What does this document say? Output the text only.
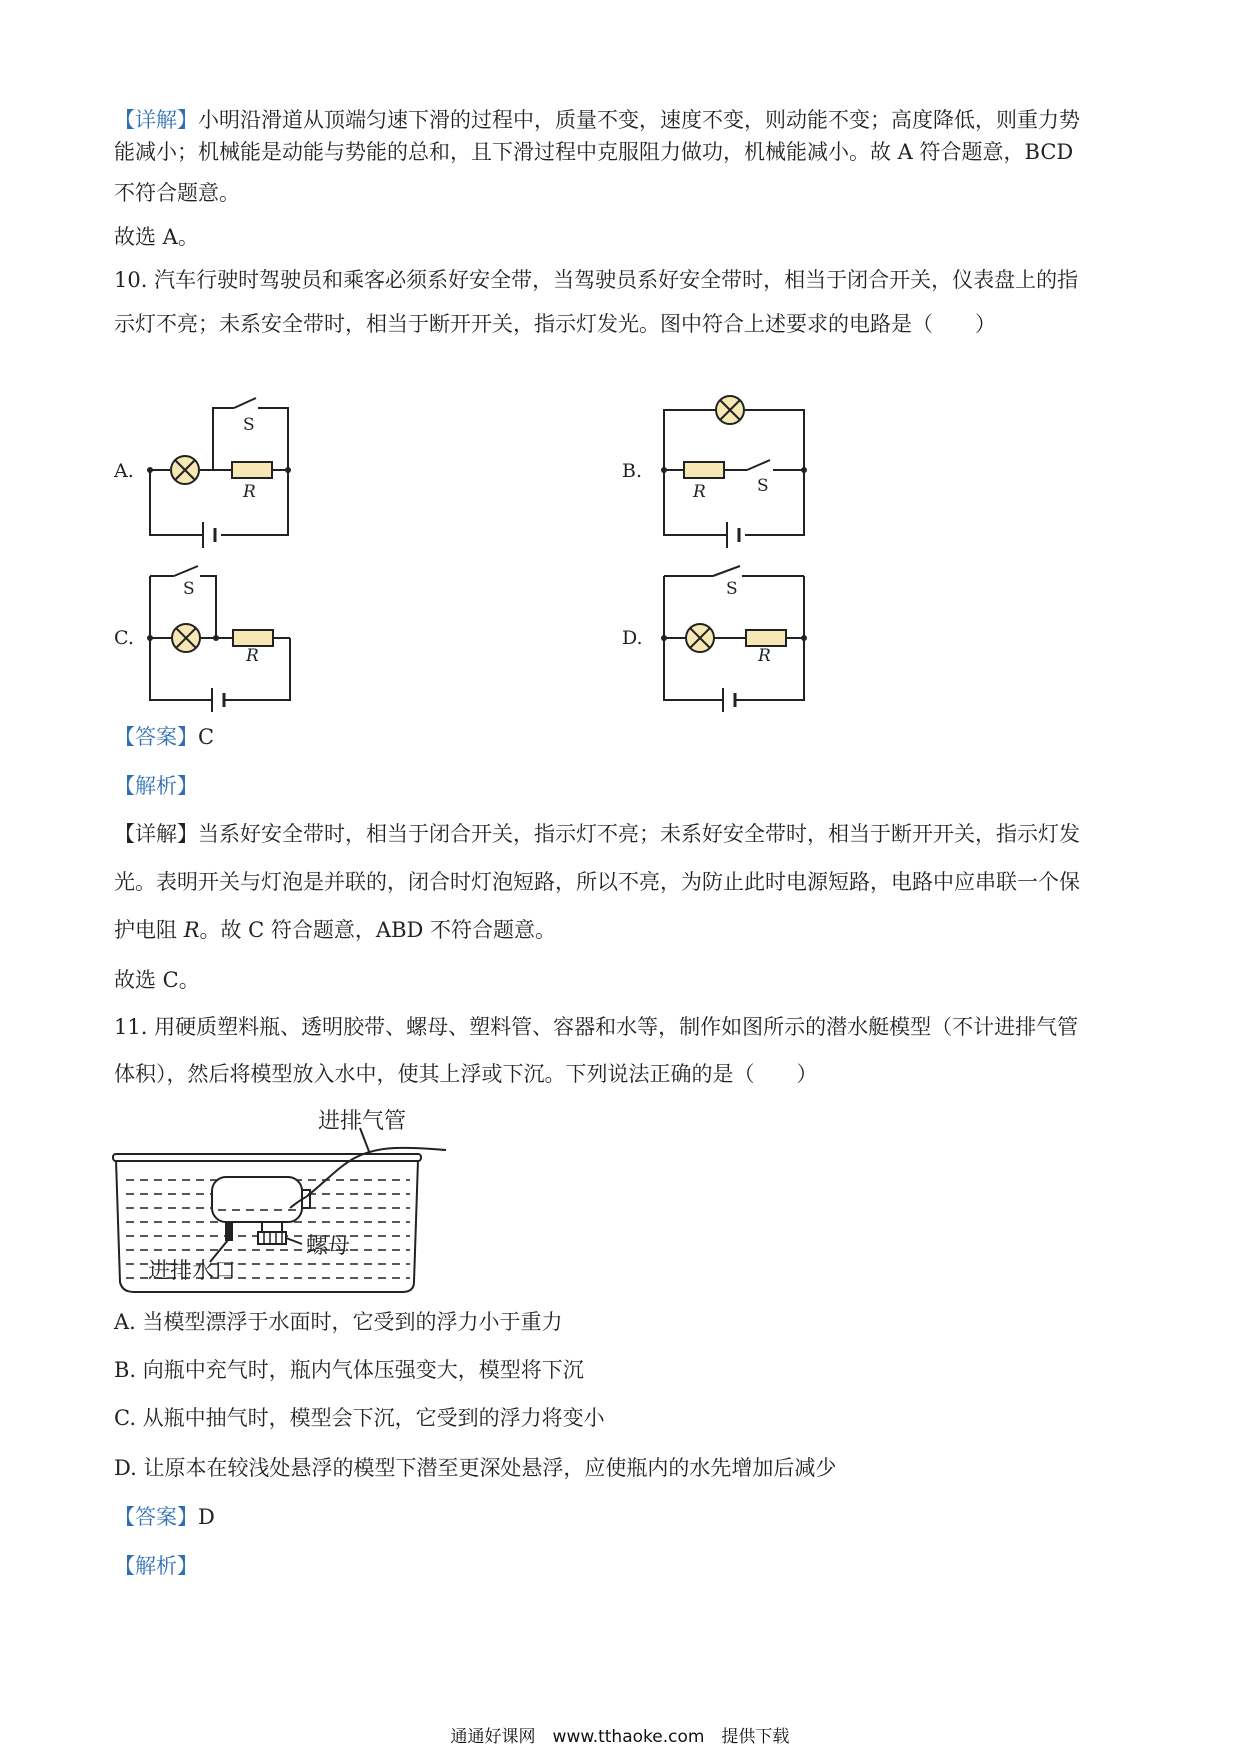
【详解】小明沿滑道从顶端匀速下滑的过程中，质量不变，速度不变，则动能不变；高度降低，则重力势

能减小；机械能是动能与势能的总和，且下滑过程中克服阻力做功，机械能减小。故 A 符合题意，BCD

不符合题意。

故选 A。

10. 汽车行驶时驾驶员和乘客必须系好安全带，当驾驶员系好安全带时，相当于闭合开关，仪表盘上的指

示灯不亮；未系安全带时，相当于断开开关，指示灯发光。图中符合上述要求的电路是（　　）

A.	B.
C.	D.
S
R	R	S
S
R
S
R

【答案】C

【解析】

【详解】当系好安全带时，相当于闭合开关，指示灯不亮；未系好安全带时，相当于断开开关，指示灯发

光。表明开关与灯泡是并联的，闭合时灯泡短路，所以不亮，为防止此时电源短路，电路中应串联一个保

护电阻 R。故 C 符合题意，ABD 不符合题意。

故选 C。

11. 用硬质塑料瓶、透明胶带、螺母、塑料管、容器和水等，制作如图所示的潜水艇模型（不计进排气管

体积），然后将模型放入水中，使其上浮或下沉。下列说法正确的是（　　）

进排气管
进排水口
螺母

A. 当模型漂浮于水面时，它受到的浮力小于重力

B. 向瓶中充气时，瓶内气体压强变大，模型将下沉

C. 从瓶中抽气时，模型会下沉，它受到的浮力将变小

D. 让原本在较浅处悬浮的模型下潜至更深处悬浮，应使瓶内的水先增加后减少

【答案】D

【解析】

通通好课网　www.tthaoke.com　提供下载
